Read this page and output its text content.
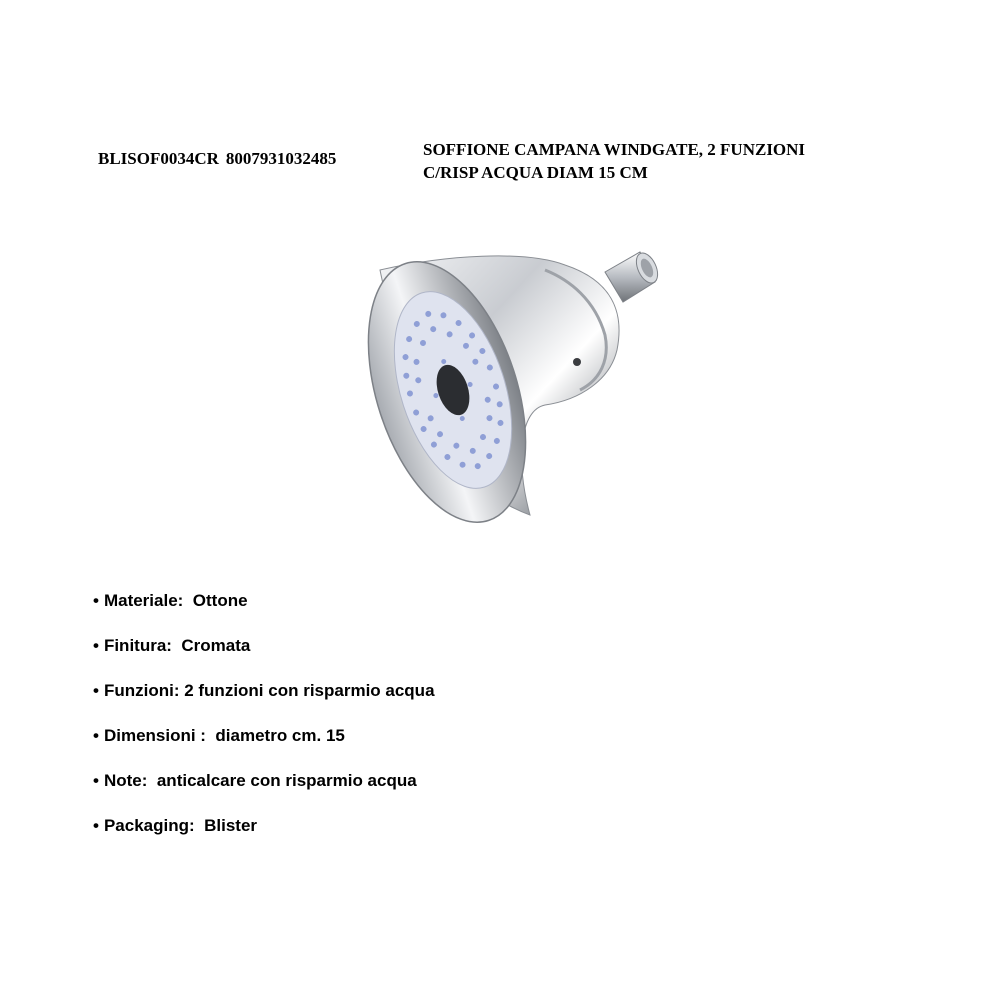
BLISOF0034CR 8007931032485	SOFFIONE CAMPANA WINDGATE, 2 FUNZIONI
C/RISP ACQUA DIAM 15 CM
• Materiale:  Ottone
• Finitura:  Cromata
• Funzioni: 2 funzioni con risparmio acqua
• Dimensioni :  diametro cm. 15
• Note:  anticalcare con risparmio acqua
• Packaging:  Blister
